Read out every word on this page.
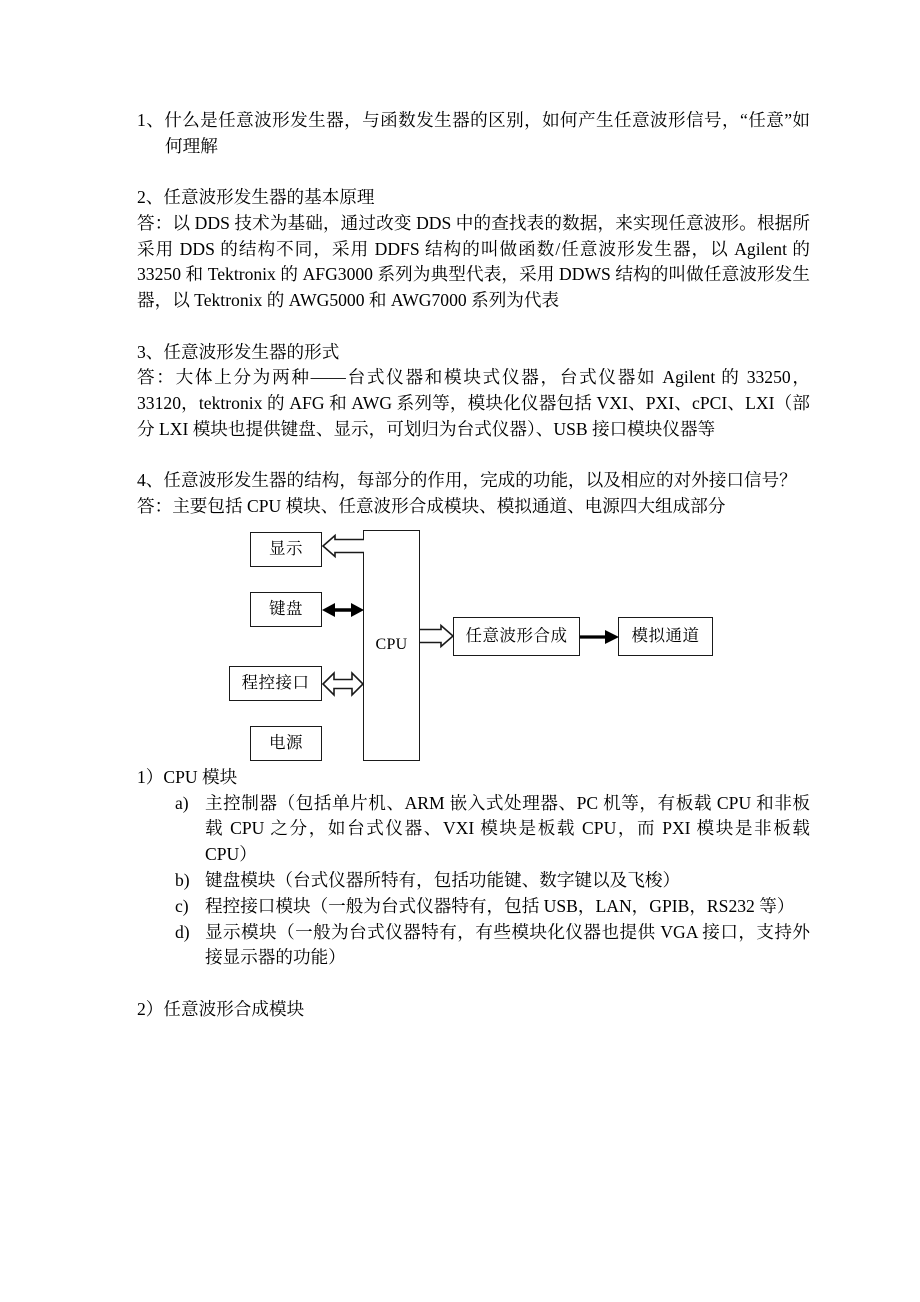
1、什么是任意波形发生器，与函数发生器的区别，如何产生任意波形信号，“任意”如何理解

2、任意波形发生器的基本原理

答：以 DDS 技术为基础，通过改变 DDS 中的查找表的数据，来实现任意波形。根据所采用 DDS 的结构不同，采用 DDFS 结构的叫做函数/任意波形发生器，以 Agilent 的 33250 和 Tektronix 的 AFG3000 系列为典型代表，采用 DDWS 结构的叫做任意波形发生器，以 Tektronix 的 AWG5000 和 AWG7000 系列为代表

3、任意波形发生器的形式

答：大体上分为两种——台式仪器和模块式仪器，台式仪器如 Agilent 的 33250，33120，tektronix 的 AFG 和 AWG 系列等，模块化仪器包括 VXI、PXI、cPCI、LXI（部分 LXI 模块也提供键盘、显示，可划归为台式仪器）、USB 接口模块仪器等

4、任意波形发生器的结构，每部分的作用，完成的功能，以及相应的对外接口信号？

答：主要包括 CPU 模块、任意波形合成模块、模拟通道、电源四大组成部分

显示
键盘
程控接口
电源
CPU	任意波形合成	模拟通道

1）CPU 模块

a) 主控制器（包括单片机、ARM 嵌入式处理器、PC 机等，有板载 CPU 和非板载 CPU 之分，如台式仪器、VXI 模块是板载 CPU，而 PXI 模块是非板载 CPU）
b) 键盘模块（台式仪器所特有，包括功能键、数字键以及飞梭）
c) 程控接口模块（一般为台式仪器特有，包括 USB，LAN，GPIB，RS232 等）
d) 显示模块（一般为台式仪器特有，有些模块化仪器也提供 VGA 接口，支持外接显示器的功能）

2）任意波形合成模块
